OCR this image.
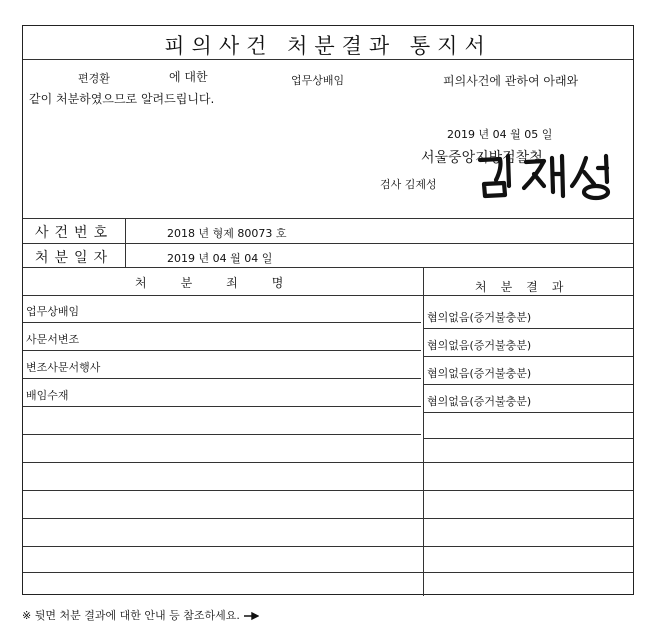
피의사건 처분결과 통지서
편경환	에 대한	업무상배임	피의사건에 관하여 아래와
같이 처분하였으므로 알려드립니다.
2019 년 04 월 05 일
서울중앙지방검찰청
검사 김제성
사건번호	2018 년 형제 80073 호
처분일자	2019 년 04 월 04 일
처분죄명	처분결과
업무상배임	혐의없음(증거불충분)
사문서변조	혐의없음(증거불충분)
변조사문서행사	혐의없음(증거불충분)
배임수재	혐의없음(증거불충분)
※ 뒷면 처분 결과에 대한 안내 등 참조하세요.
